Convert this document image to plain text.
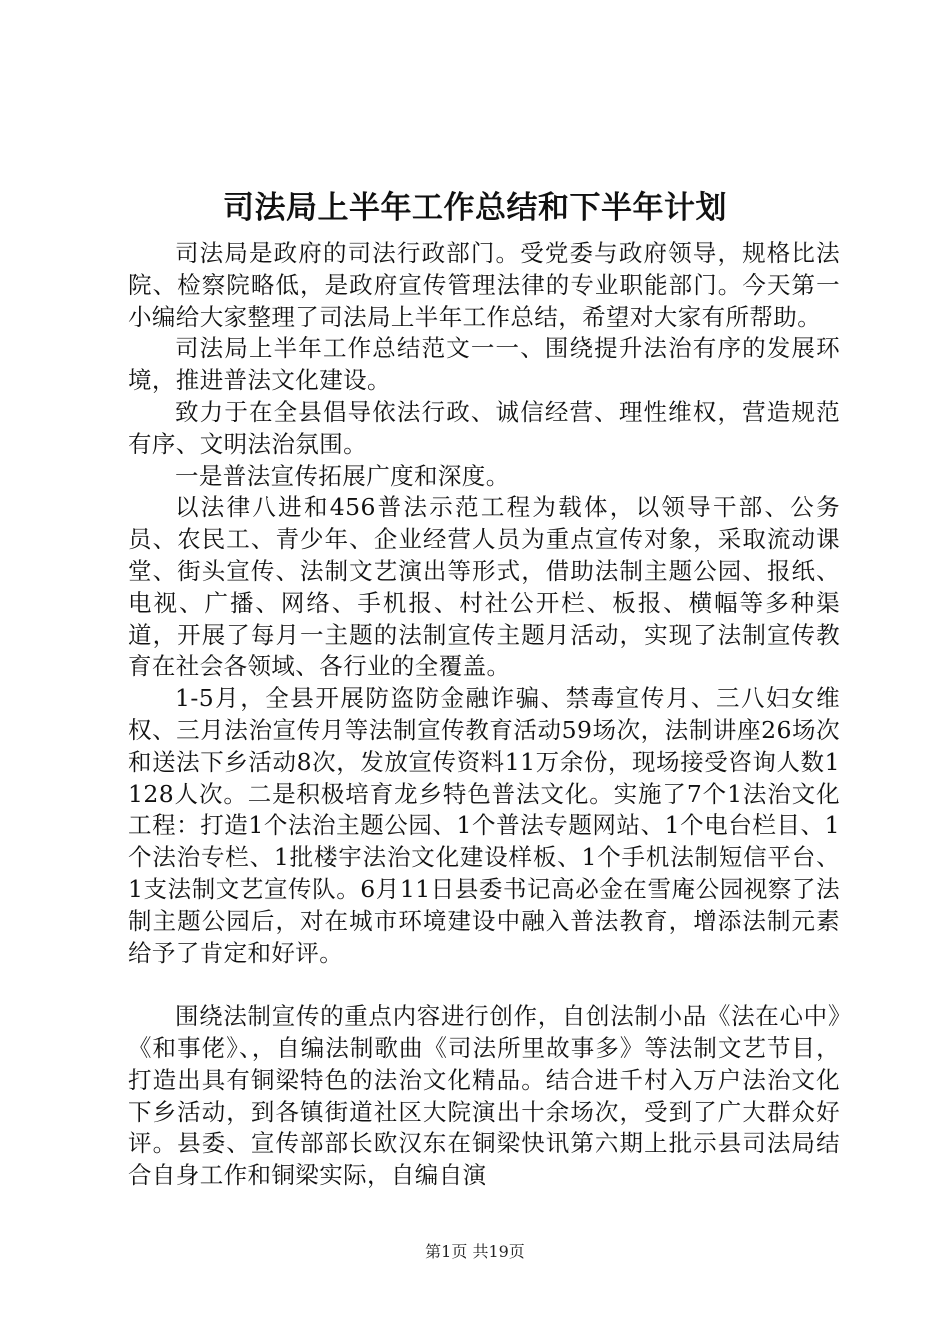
司法局上半年工作总结和下半年计划

司法局是政府的司法行政部门。受党委与政府领导，规格比法院、检察院略低，是政府宣传管理法律的专业职能部门。今天第一小编给大家整理了司法局上半年工作总结，希望对大家有所帮助。

司法局上半年工作总结范文一一、围绕提升法治有序的发展环境，推进普法文化建设。

致力于在全县倡导依法行政、诚信经营、理性维权，营造规范有序、文明法治氛围。

一是普法宣传拓展广度和深度。

以法律八进和456普法示范工程为载体，以领导干部、公务员、农民工、青少年、企业经营人员为重点宣传对象，采取流动课堂、街头宣传、法制文艺演出等形式，借助法制主题公园、报纸、电视、广播、网络、手机报、村社公开栏、板报、横幅等多种渠道，开展了每月一主题的法制宣传主题月活动，实现了法制宣传教育在社会各领域、各行业的全覆盖。

1-5月，全县开展防盗防金融诈骗、禁毒宣传月、三八妇女维权、三月法治宣传月等法制宣传教育活动59场次，法制讲座26场次和送法下乡活动8次，发放宣传资料11万余份，现场接受咨询人数1128人次。二是积极培育龙乡特色普法文化。实施了7个1法治文化工程：打造1个法治主题公园、1个普法专题网站、1个电台栏目、1个法治专栏、1批楼宇法治文化建设样板、1个手机法制短信平台、1支法制文艺宣传队。6月11日县委书记高必金在雪庵公园视察了法制主题公园后，对在城市环境建设中融入普法教育，增添法制元素给予了肯定和好评。

围绕法制宣传的重点内容进行创作，自创法制小品《法在心中》《和事佬》、，自编法制歌曲《司法所里故事多》等法制文艺节目，打造出具有铜梁特色的法治文化精品。结合进千村入万户法治文化下乡活动，到各镇街道社区大院演出十余场次，受到了广大群众好评。县委、宣传部部长欧汉东在铜梁快讯第六期上批示县司法局结合自身工作和铜梁实际，自编自演

第1页 共19页
